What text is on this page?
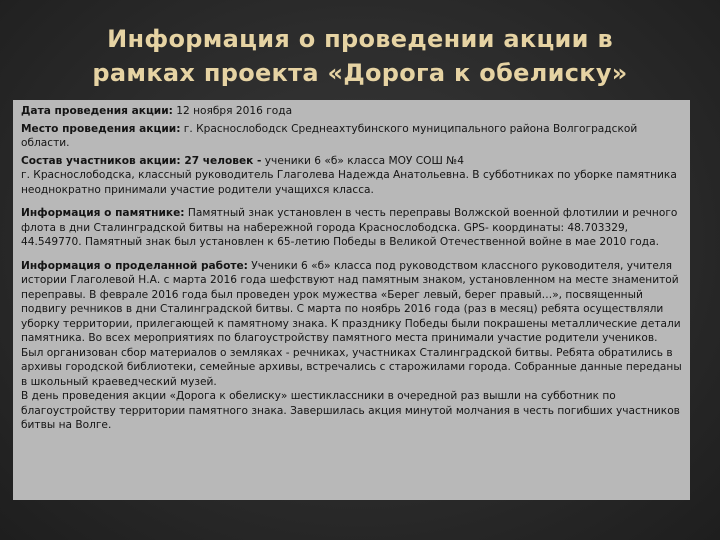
Информация о проведении акции в
рамках проекта «Дорога к обелиску»

Дата проведения акции: 12 ноября 2016 года

Место проведения акции: г. Краснослободск Среднеахтубинского муниципального района Волгоградской области.

Состав участников акции: 27 человек - ученики 6 «б» класса МОУ СОШ №4

г. Краснослободска, классный руководитель Глаголева Надежда Анатольевна. В субботниках по уборке памятника неоднократно принимали участие родители учащихся класса.

Информация о памятнике: Памятный знак установлен в честь переправы Волжской военной флотилии и речного флота в дни Сталинградской битвы на набережной города Краснослободска. GPS- координаты: 48.703329, 44.549770. Памятный знак был установлен к 65-летию Победы в Великой Отечественной войне в мае 2010 года.

Информация о проделанной работе: Ученики 6 «б» класса под руководством классного руководителя, учителя истории Глаголевой Н.А. с марта 2016 года шефствуют над памятным знаком, установленном на месте знаменитой переправы. В феврале 2016 года был проведен урок мужества «Берег левый, берег правый…», посвященный подвигу речников в дни Сталинградской битвы. С марта по ноябрь 2016 года (раз в месяц) ребята осуществляли уборку территории, прилегающей к памятному знака. К празднику Победы были покрашены металлические детали памятника. Во всех мероприятиях по благоустройству памятного места принимали участие родители учеников.

Был организован сбор материалов о земляках - речниках, участниках Сталинградской битвы. Ребята обратились в архивы городской библиотеки, семейные архивы, встречались с старожилами города. Собранные данные переданы в школьный краеведческий музей.

В день проведения акции «Дорога к обелиску» шестиклассники в очередной раз вышли на субботник по благоустройству территории памятного знака. Завершилась акция минутой молчания в честь погибших участников битвы на Волге.
